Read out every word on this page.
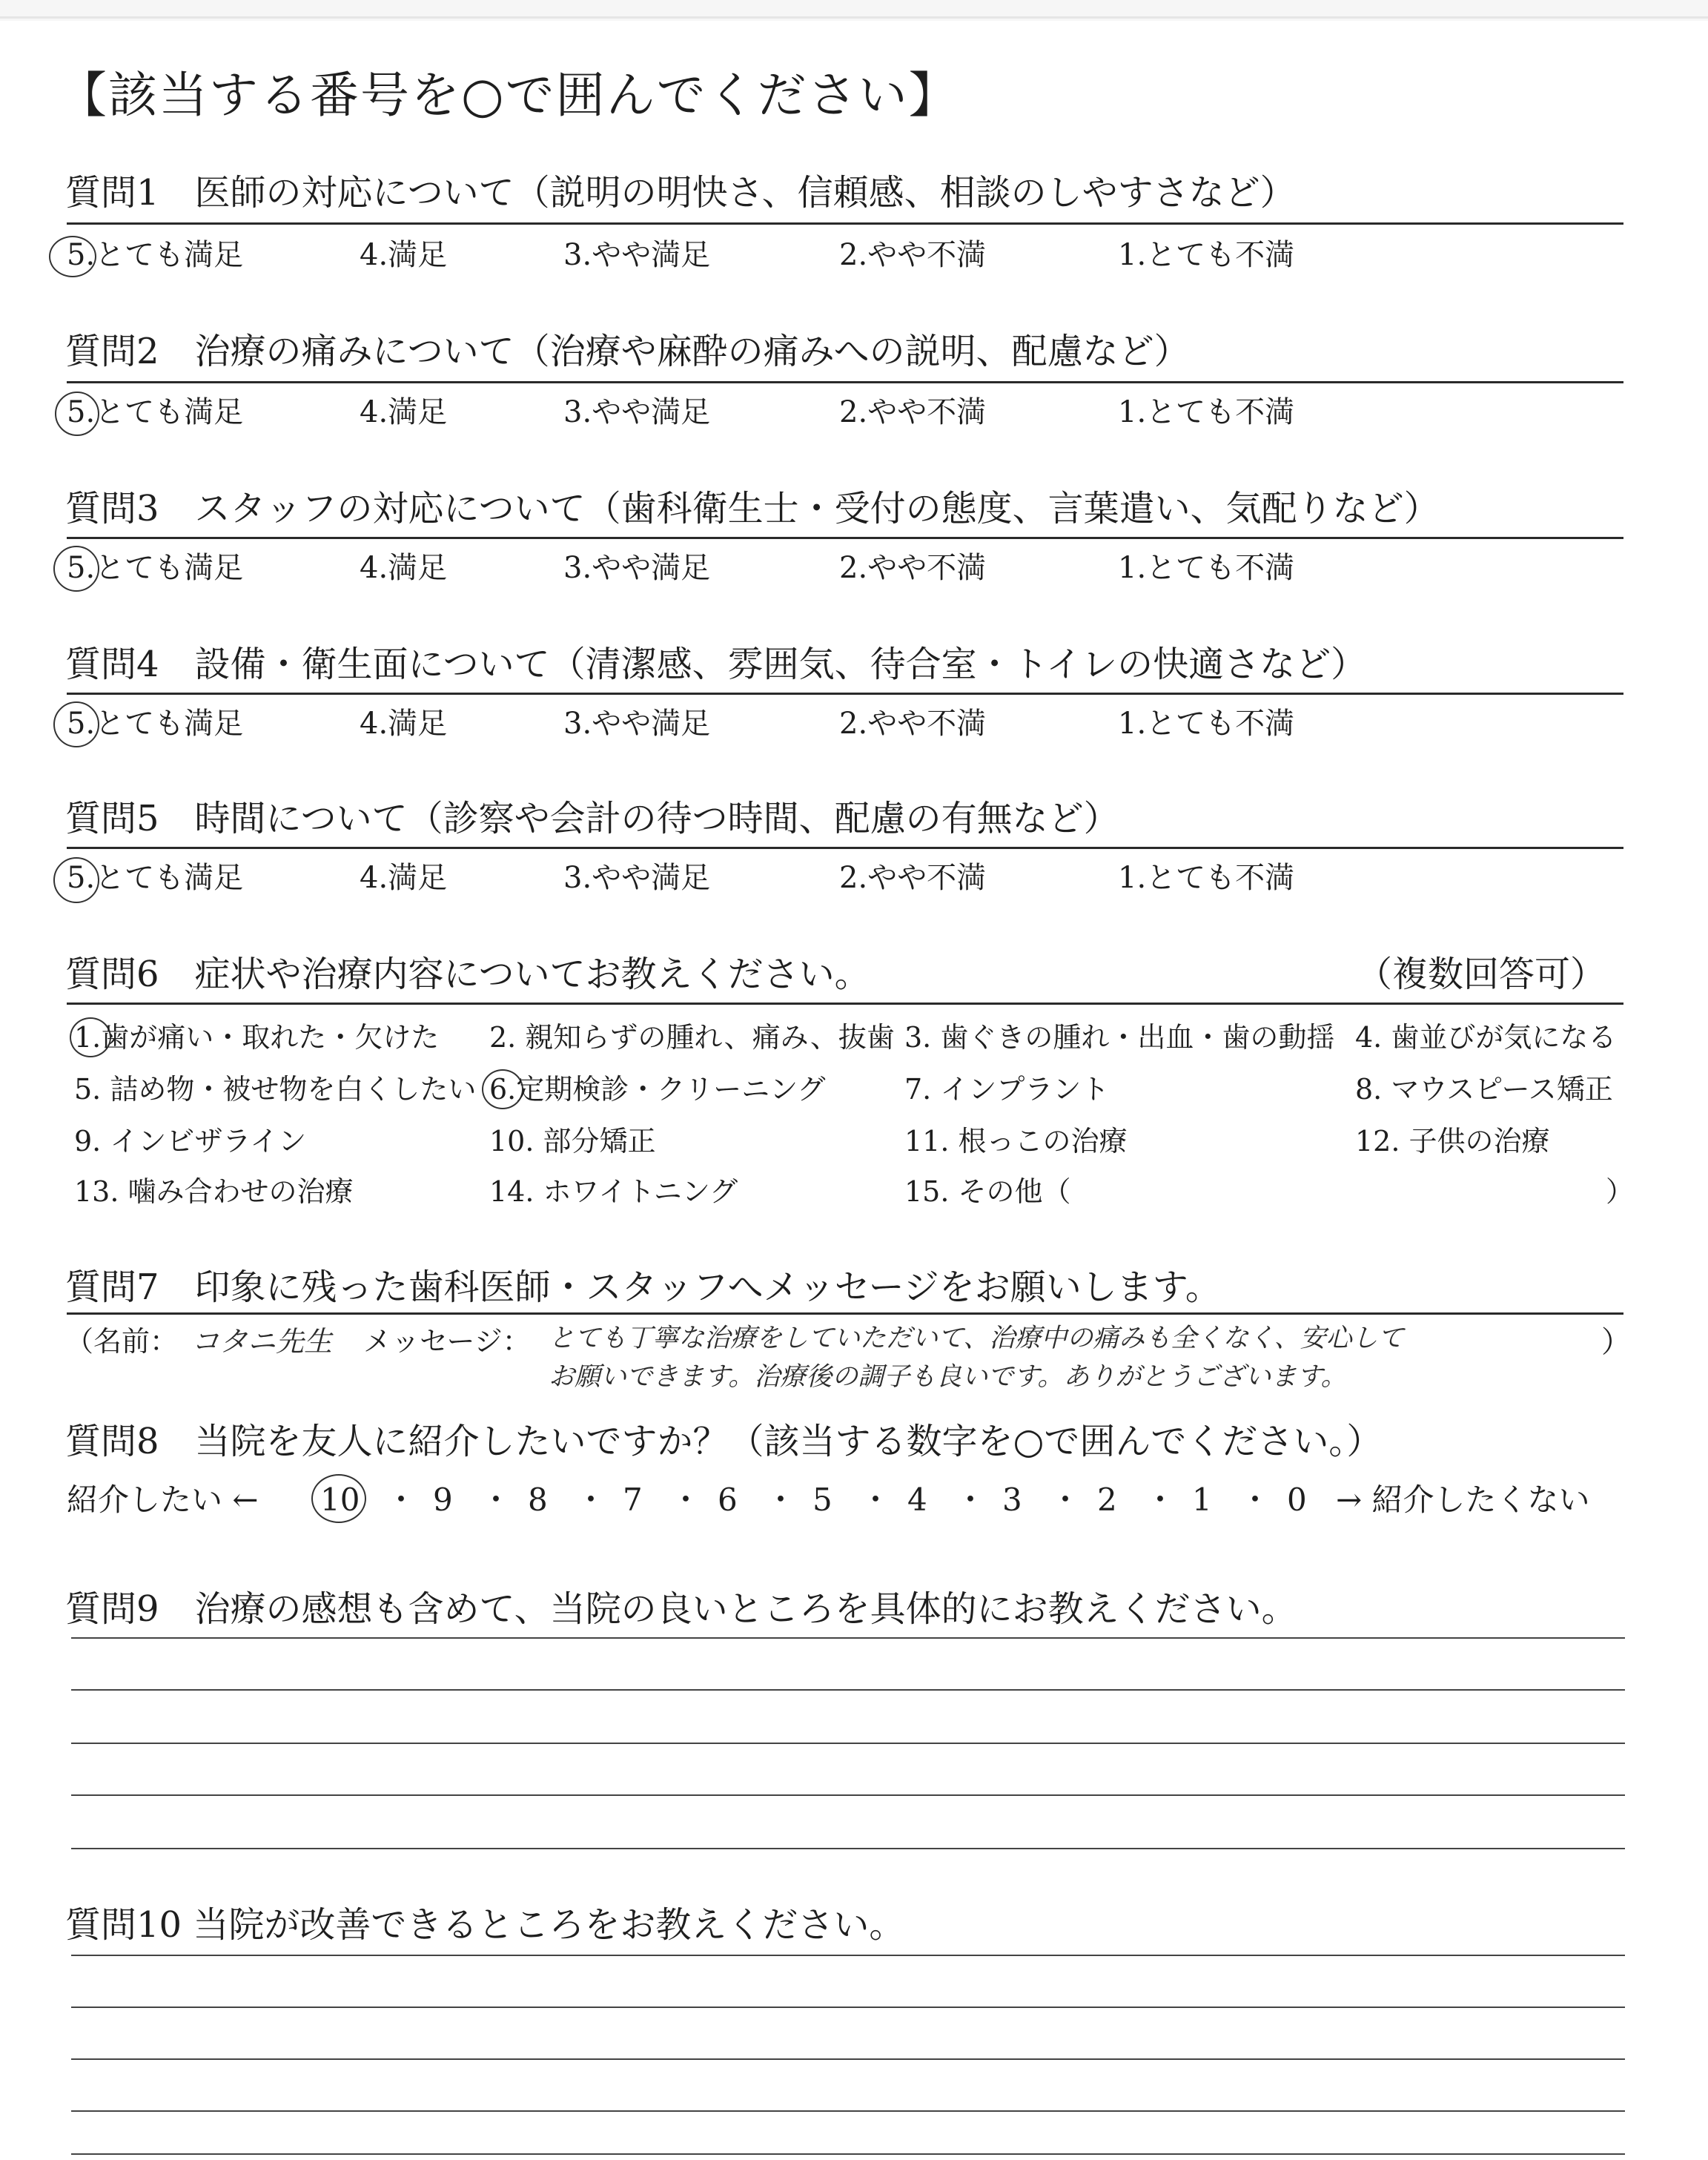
【該当する番号を○で囲んでください】
質問1　医師の対応について（説明の明快さ、信頼感、相談のしやすさなど）
5.とても満足	4.満足	3.やや満足	2.やや不満	1.とても不満
質問2　治療の痛みについて（治療や麻酔の痛みへの説明、配慮など）
5.とても満足	4.満足	3.やや満足	2.やや不満	1.とても不満
質問3　スタッフの対応について（歯科衛生士・受付の態度、言葉遣い、気配りなど）
5.とても満足	4.満足	3.やや満足	2.やや不満	1.とても不満
質問4　設備・衛生面について（清潔感、雰囲気、待合室・トイレの快適さなど）
5.とても満足	4.満足	3.やや満足	2.やや不満	1.とても不満
質問5　時間について（診察や会計の待つ時間、配慮の有無など）
5.とても満足	4.満足	3.やや満足	2.やや不満	1.とても不満
質問6　症状や治療内容についてお教えください。	（複数回答可）
1.歯が痛い・取れた・欠けた 2. 親知らずの腫れ、痛み、抜歯 3. 歯ぐきの腫れ・出血・歯の動揺 4. 歯並びが気になる
5. 詰め物・被せ物を白くしたい 6.定期検診・クリーニング	7. インプラント	8. マウスピース矯正
9. インビザライン	10. 部分矯正	11. 根っこの治療	12. 子供の治療
13. 噛み合わせの治療	14. ホワイトニング	15. その他（	）
質問7　印象に残った歯科医師・スタッフへメッセージをお願いします。
（名前： コタニ先生 メッセージ： とても丁寧な治療をしていただいて、治療中の痛みも全くなく、安心して	）
お願いできます。治療後の調子も良いです。ありがとうございます。
質問8　当院を友人に紹介したいですか？（該当する数字を○で囲んでください。）
紹介したい ← 10 ・ 9 ・ 8 ・ 7 ・ 6 ・ 5 ・ 4 ・ 3 ・ 2 ・ 1 ・ 0 → 紹介したくない
質問9　治療の感想も含めて、当院の良いところを具体的にお教えください。
質問10 当院が改善できるところをお教えください。
